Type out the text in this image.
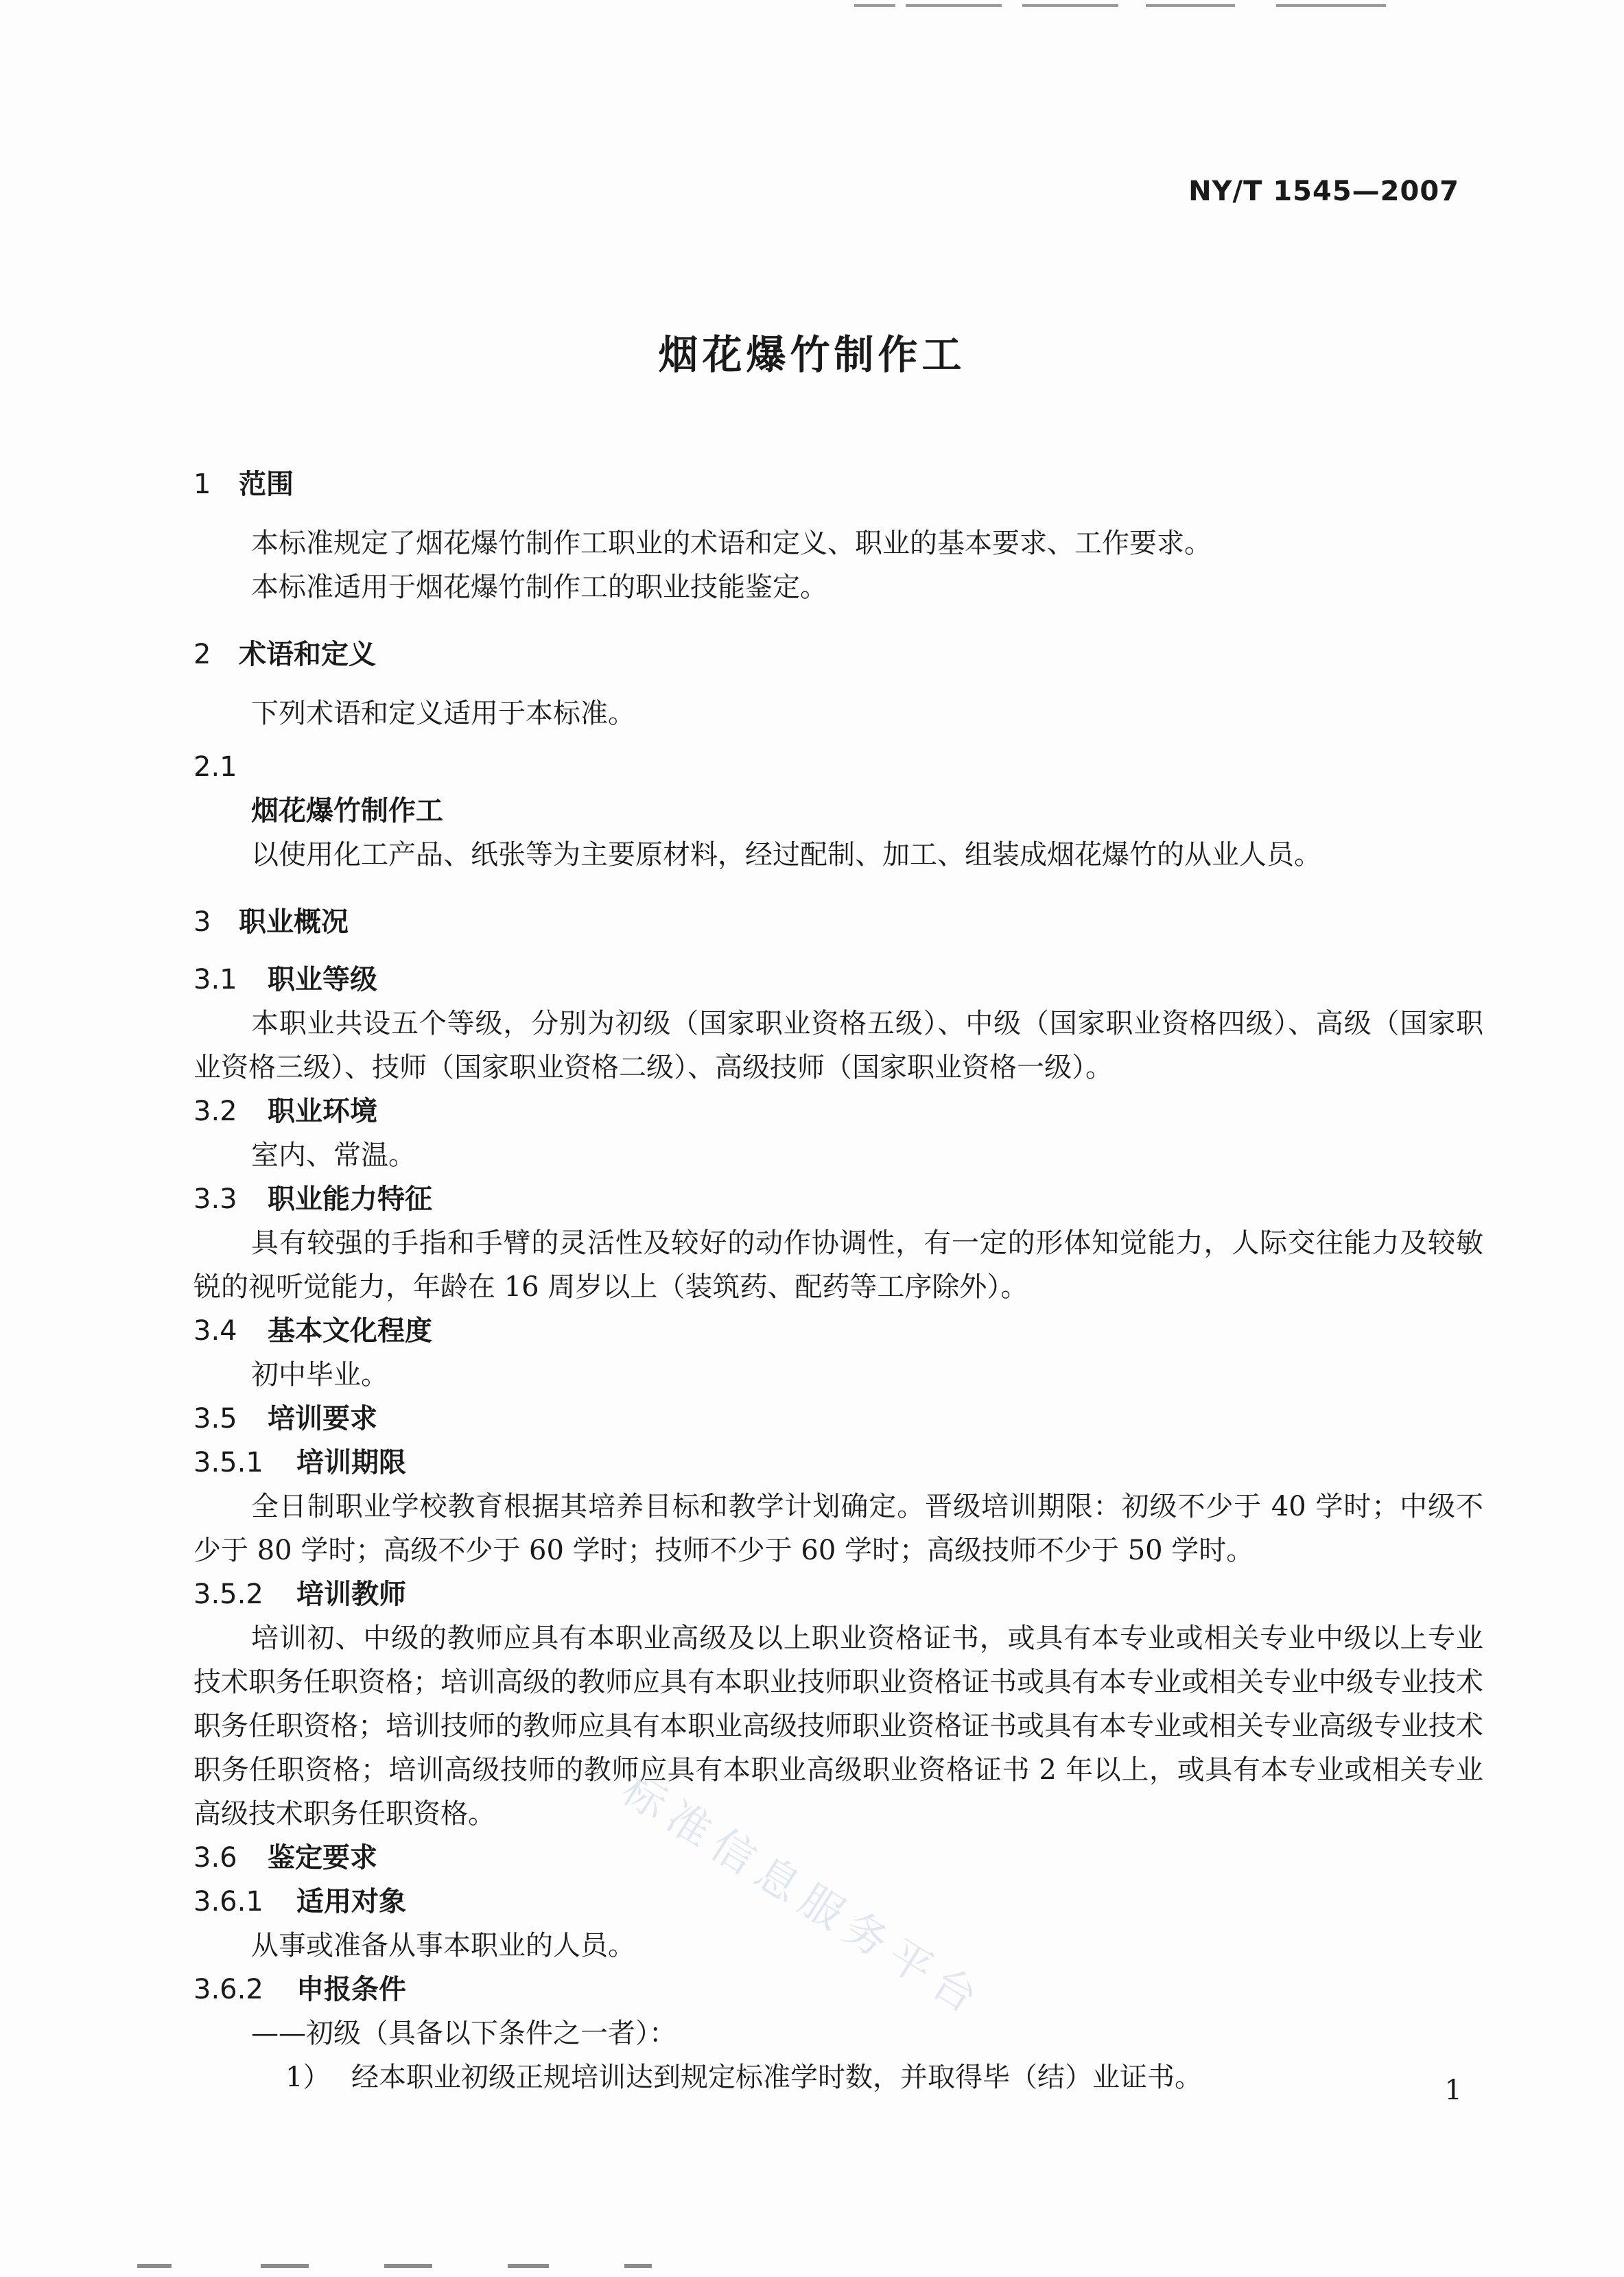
NY/T 1545—2007
烟花爆竹制作工
1	范围
本标准规定了烟花爆竹制作工职业的术语和定义、职业的基本要求、工作要求。
本标准适用于烟花爆竹制作工的职业技能鉴定。
2	术语和定义
下列术语和定义适用于本标准。
2.1
烟花爆竹制作工
以使用化工产品、纸张等为主要原材料，经过配制、加工、组装成烟花爆竹的从业人员。
3	职业概况
3.1	职业等级
本职业共设五个等级，分别为初级（国家职业资格五级）、中级（国家职业资格四级）、高级（国家职业资格三级）、技师（国家职业资格二级）、高级技师（国家职业资格一级）。
3.2	职业环境
室内、常温。
3.3	职业能力特征
具有较强的手指和手臂的灵活性及较好的动作协调性，有一定的形体知觉能力，人际交往能力及较敏锐的视听觉能力，年龄在 16 周岁以上（装筑药、配药等工序除外）。
3.4	基本文化程度
初中毕业。
3.5	培训要求
3.5.1	培训期限
全日制职业学校教育根据其培养目标和教学计划确定。晋级培训期限：初级不少于 40 学时；中级不少于 80 学时；高级不少于 60 学时；技师不少于 60 学时；高级技师不少于 50 学时。
3.5.2	培训教师
培训初、中级的教师应具有本职业高级及以上职业资格证书，或具有本专业或相关专业中级以上专业技术职务任职资格；培训高级的教师应具有本职业技师职业资格证书或具有本专业或相关专业中级专业技术职务任职资格；培训技师的教师应具有本职业高级技师职业资格证书或具有本专业或相关专业高级专业技术职务任职资格；培训高级技师的教师应具有本职业高级职业资格证书 2 年以上，或具有本专业或相关专业高级技术职务任职资格。
3.6	鉴定要求
3.6.1	适用对象
从事或准备从事本职业的人员。
3.6.2	申报条件
——初级（具备以下条件之一者）：
1） 经本职业初级正规培训达到规定标准学时数，并取得毕（结）业证书。
标准信息服务平台
1
